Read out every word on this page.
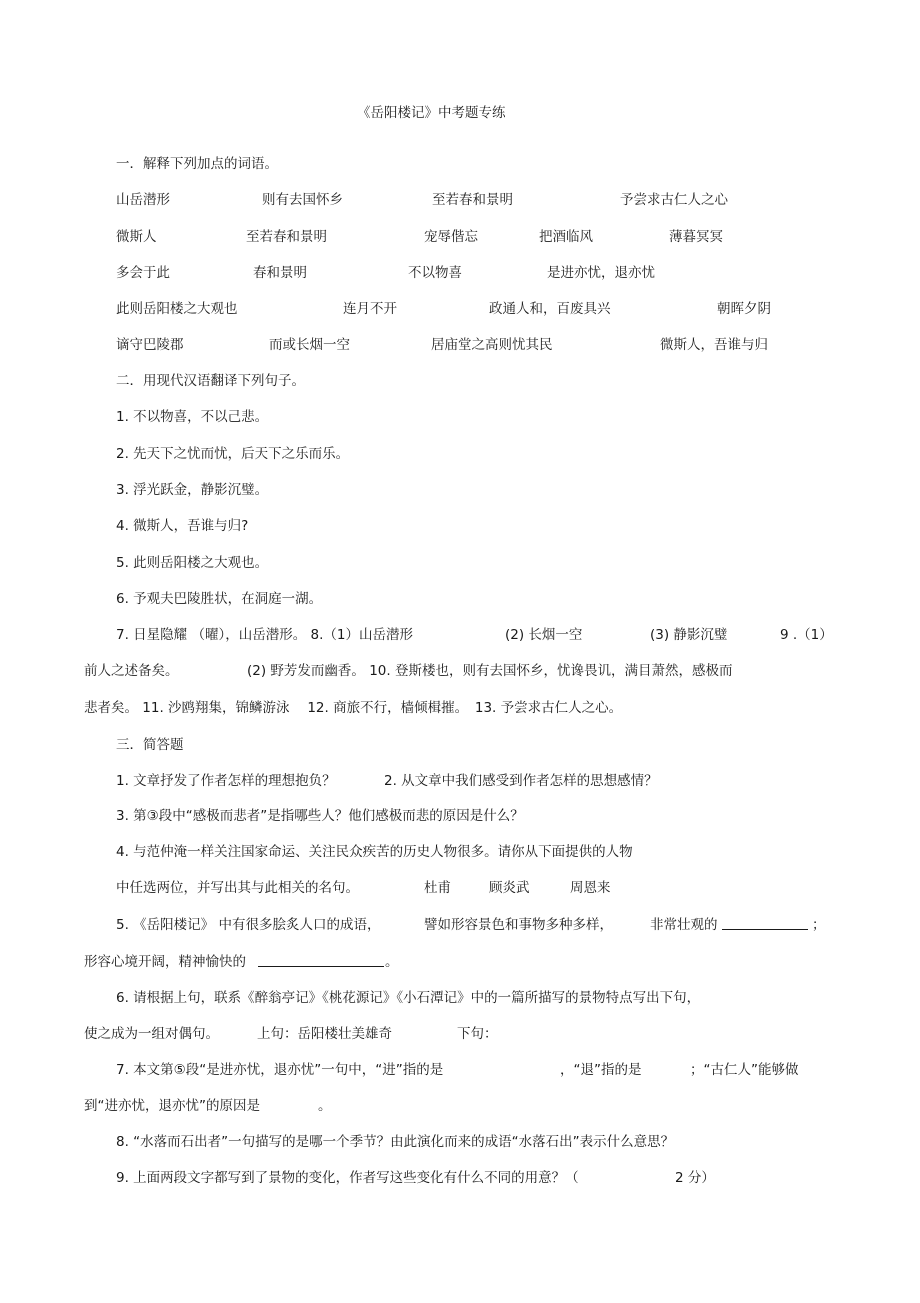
《岳阳楼记》中考题专练
一．解释下列加点的词语。
山岳潜形	则有去国怀乡	至若春和景明	予尝求古仁人之心
微斯人	至若春和景明	宠辱偕忘	把酒临风	薄暮冥冥
多会于此	春和景明	不以物喜	是进亦忧，退亦忧
此则岳阳楼之大观也	连月不开	政通人和，百废具兴	朝晖夕阴
谪守巴陵郡	而或长烟一空	居庙堂之高则忧其民	微斯人，吾谁与归
二．用现代汉语翻译下列句子。
1. 不以物喜，不以己悲。
2. 先天下之忧而忧，后天下之乐而乐。
3. 浮光跃金，静影沉璧。
4. 微斯人，吾谁与归?
5. 此则岳阳楼之大观也。
6. 予观夫巴陵胜状，在洞庭一湖。
7. 日星隐耀 （曜），山岳潜形。 8.（1）山岳潜形	(2) 长烟一空	(3) 静影沉璧	9 .（1）
前人之述备矣。	(2) 野芳发而幽香。 10. 登斯楼也，则有去国怀乡，忧谗畏讥，满目萧然，感极而
悲者矣。 11. 沙鸥翔集，锦鳞游泳　 12. 商旅不行，樯倾楫摧。　13. 予尝求古仁人之心。
三．简答题
1. 文章抒发了作者怎样的理想抱负？	2. 从文章中我们感受到作者怎样的思想感情？
3. 第③段中“感极而悲者”是指哪些人？他们感极而悲的原因是什么？
4. 与范仲淹一样关注国家命运、关注民众疾苦的历史人物很多。请你从下面提供的人物
中任选两位，并写出其与此相关的名句。	杜甫	顾炎武	周恩来
5. 《岳阳楼记》 中有很多脍炙人口的成语，	譬如形容景色和事物多种多样，	非常壮观的	；
形容心境开阔，精神愉快的	。
6. 请根据上句，联系《醉翁亭记》《桃花源记》《小石潭记》中的一篇所描写的景物特点写出下句，
使之成为一组对偶句。	上句：岳阳楼壮美雄奇	下句：
7. 本文第⑤段“是进亦忧，退亦忧”一句中，“进”指的是	，“退”指的是	；“古仁人”能够做
到“进亦忧，退亦忧”的原因是	。
8. “水落而石出者”一句描写的是哪一个季节？由此演化而来的成语“水落石出”表示什么意思？
9. 上面两段文字都写到了景物的变化，作者写这些变化有什么不同的用意？（	2 分）
